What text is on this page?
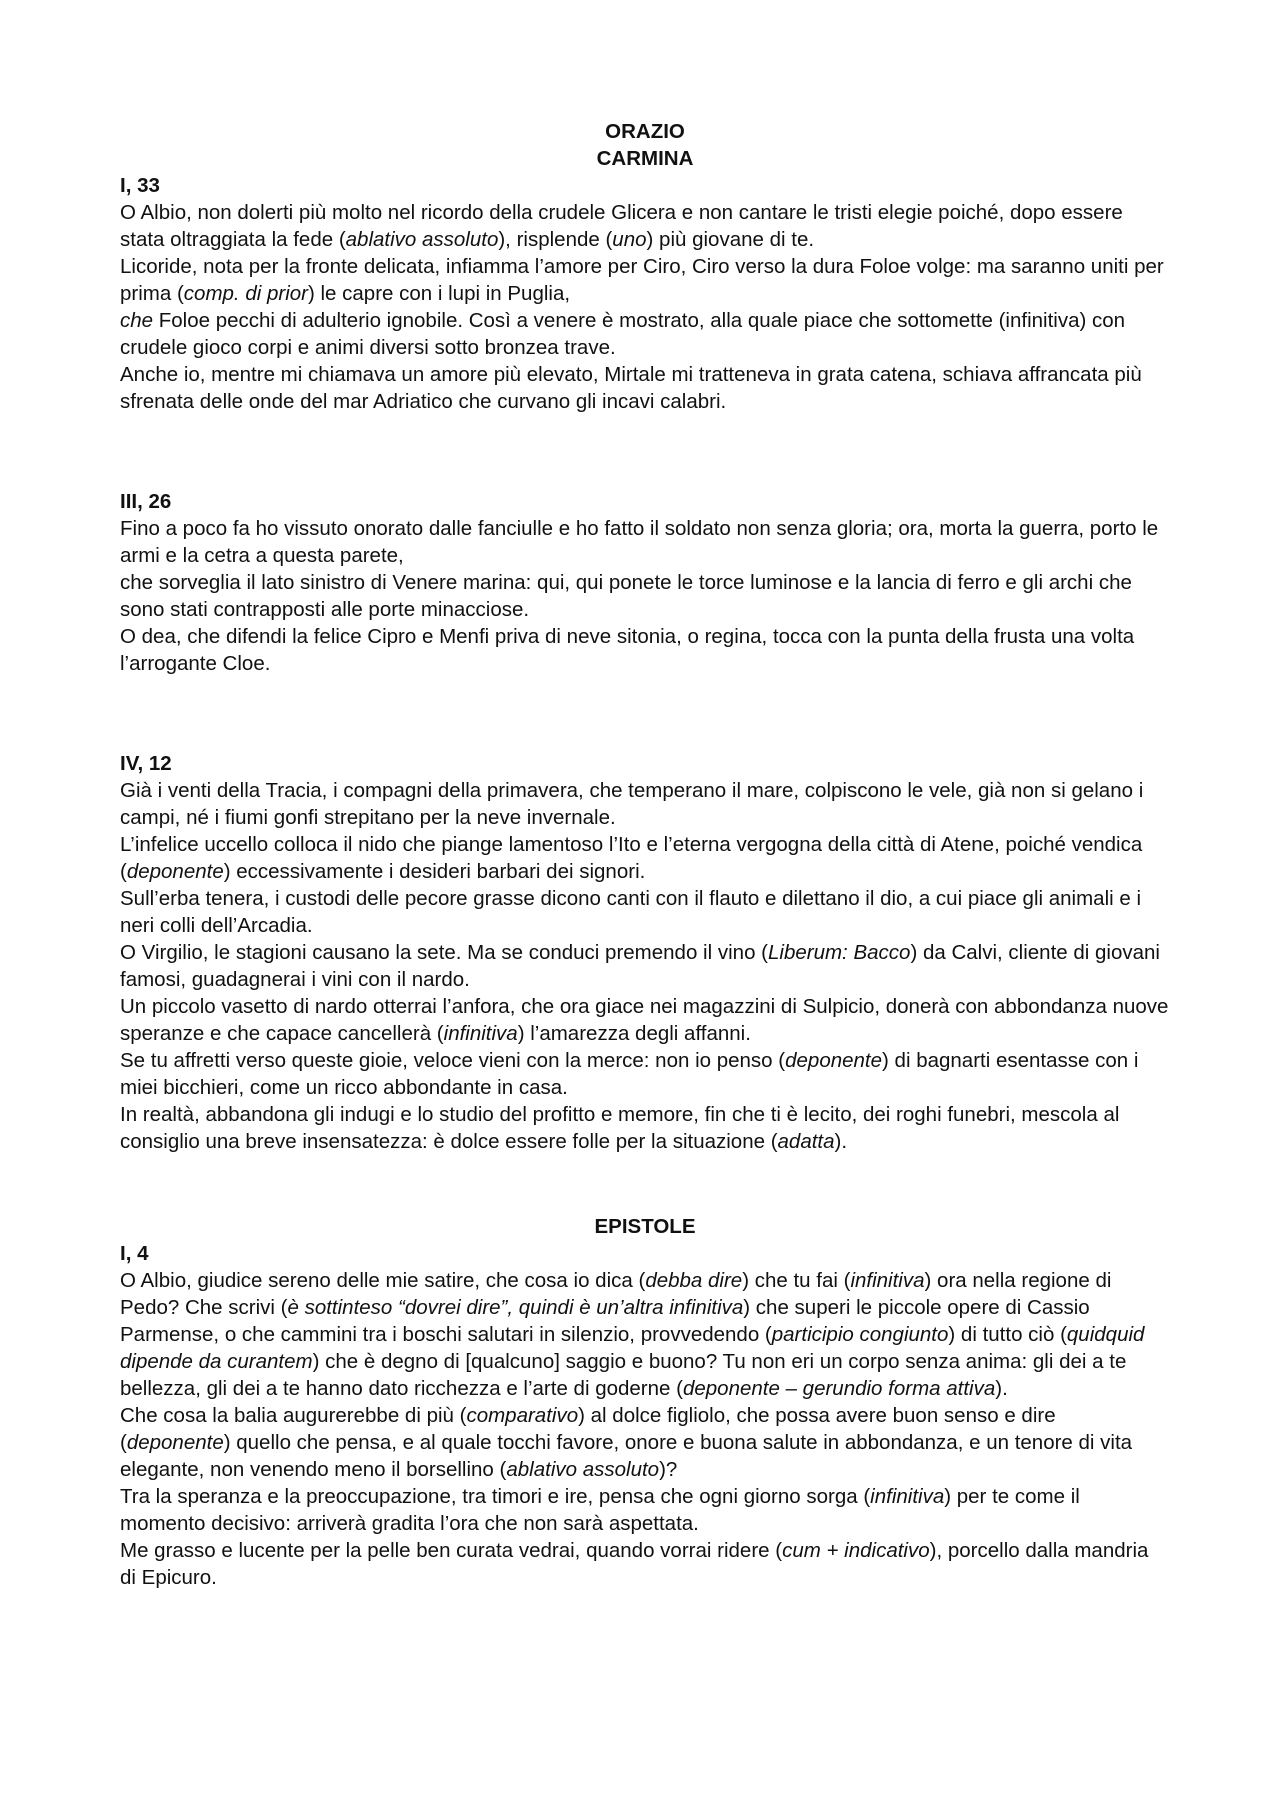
ORAZIO

CARMINA

I, 33

O Albio, non dolerti più molto nel ricordo della crudele Glicera e non cantare le tristi elegie poiché, dopo essere stata oltraggiata la fede (ablativo assoluto), risplende (uno) più giovane di te.

Licoride, nota per la fronte delicata, infiamma l’amore per Ciro, Ciro verso la dura Foloe volge: ma saranno uniti per prima (comp. di prior) le capre con i lupi in Puglia,

che Foloe pecchi di adulterio ignobile. Così a venere è mostrato, alla quale piace che sottomette (infinitiva) con crudele gioco corpi e animi diversi sotto bronzea trave.

Anche io, mentre mi chiamava un amore più elevato, Mirtale mi tratteneva in grata catena, schiava affrancata più sfrenata delle onde del mar Adriatico che curvano gli incavi calabri.

III, 26

Fino a poco fa ho vissuto onorato dalle fanciulle e ho fatto il soldato non senza gloria; ora, morta la guerra, porto le armi e la cetra a questa parete,

che sorveglia il lato sinistro di Venere marina: qui, qui ponete le torce luminose e la lancia di ferro e gli archi che sono stati contrapposti alle porte minacciose.

O dea, che difendi la felice Cipro e Menfi priva di neve sitonia, o regina, tocca con la punta della frusta una volta l’arrogante Cloe.

IV, 12

Già i venti della Tracia, i compagni della primavera, che temperano il mare, colpiscono le vele, già non si gelano i campi, né i fiumi gonfi strepitano per la neve invernale.

L’infelice uccello colloca il nido che piange lamentoso l’Ito e l’eterna vergogna della città di Atene, poiché vendica (deponente) eccessivamente i desideri barbari dei signori.

Sull’erba tenera, i custodi delle pecore grasse dicono canti con il flauto e dilettano il dio, a cui piace gli animali e i neri colli dell’Arcadia.

O Virgilio, le stagioni causano la sete. Ma se conduci premendo il vino (Liberum: Bacco) da Calvi, cliente di giovani famosi, guadagnerai i vini con il nardo.

Un piccolo vasetto di nardo otterrai l’anfora, che ora giace nei magazzini di Sulpicio, donerà con abbondanza nuove speranze e che capace cancellerà (infinitiva) l’amarezza degli affanni.

Se tu affretti verso queste gioie, veloce vieni con la merce: non io penso (deponente) di bagnarti esentasse con i miei bicchieri, come un ricco abbondante in casa.

In realtà, abbandona gli indugi e lo studio del profitto e memore, fin che ti è lecito, dei roghi funebri, mescola al consiglio una breve insensatezza: è dolce essere folle per la situazione (adatta).

EPISTOLE

I, 4

O Albio, giudice sereno delle mie satire, che cosa io dica (debba dire) che tu fai (infinitiva) ora nella regione di Pedo? Che scrivi (è sottinteso “dovrei dire”, quindi è un’altra infinitiva) che superi le piccole opere di Cassio Parmense, o che cammini tra i boschi salutari in silenzio, provvedendo (participio congiunto) di tutto ciò (quidquid dipende da curantem) che è degno di [qualcuno] saggio e buono? Tu non eri un corpo senza anima: gli dei a te bellezza, gli dei a te hanno dato ricchezza e l’arte di goderne (deponente – gerundio forma attiva).

Che cosa la balia augurerebbe di più (comparativo) al dolce figliolo, che possa avere buon senso e dire (deponente) quello che pensa, e al quale tocchi favore, onore e buona salute in abbondanza, e un tenore di vita elegante, non venendo meno il borsellino (ablativo assoluto)?

Tra la speranza e la preoccupazione, tra timori e ire, pensa che ogni giorno sorga (infinitiva) per te come il momento decisivo: arriverà gradita l’ora che non sarà aspettata.

Me grasso e lucente per la pelle ben curata vedrai, quando vorrai ridere (cum + indicativo), porcello dalla mandria di Epicuro.
